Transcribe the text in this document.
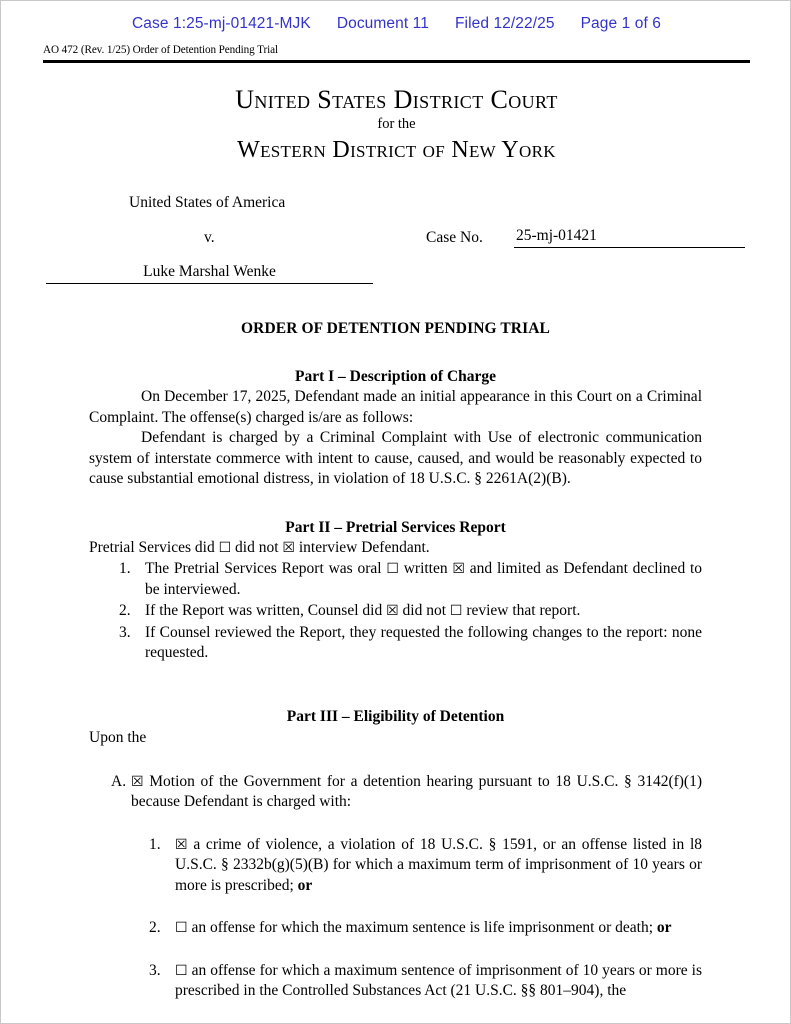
Case 1:25-mj-01421-MJK Document 11 Filed 12/22/25 Page 1 of 6
AO 472 (Rev. 1/25) Order of Detention Pending Trial
United States District Court
for the
Western District of New York
United States of America
v.	Case No. 25-mj-01421
Luke Marshal Wenke
ORDER OF DETENTION PENDING TRIAL
Part I – Description of Charge

On December 17, 2025, Defendant made an initial appearance in this Court on a Criminal Complaint. The offense(s) charged is/are as follows:

Defendant is charged by a Criminal Complaint with Use of electronic communication system of interstate commerce with intent to cause, caused, and would be reasonably expected to cause substantial emotional distress, in violation of 18 U.S.C. § 2261A(2)(B).

Part II – Pretrial Services Report

Pretrial Services did ☐ did not ☒ interview Defendant.

1. The Pretrial Services Report was oral ☐ written ☒ and limited as Defendant declined to be interviewed.
2. If the Report was written, Counsel did ☒ did not ☐ review that report.
3. If Counsel reviewed the Report, they requested the following changes to the report: none requested.
Part III – Eligibility of Detention

Upon the

A. ☒ Motion of the Government for a detention hearing pursuant to 18 U.S.C. § 3142(f)(1) because Defendant is charged with:
1. ☒ a crime of violence, a violation of 18 U.S.C. § 1591, or an offense listed in l8 U.S.C. § 2332b(g)(5)(B) for which a maximum term of imprisonment of 10 years or more is prescribed; or
2. ☐ an offense for which the maximum sentence is life imprisonment or death; or
3. ☐ an offense for which a maximum sentence of imprisonment of 10 years or more is prescribed in the Controlled Substances Act (21 U.S.C. §§ 801–904), the
